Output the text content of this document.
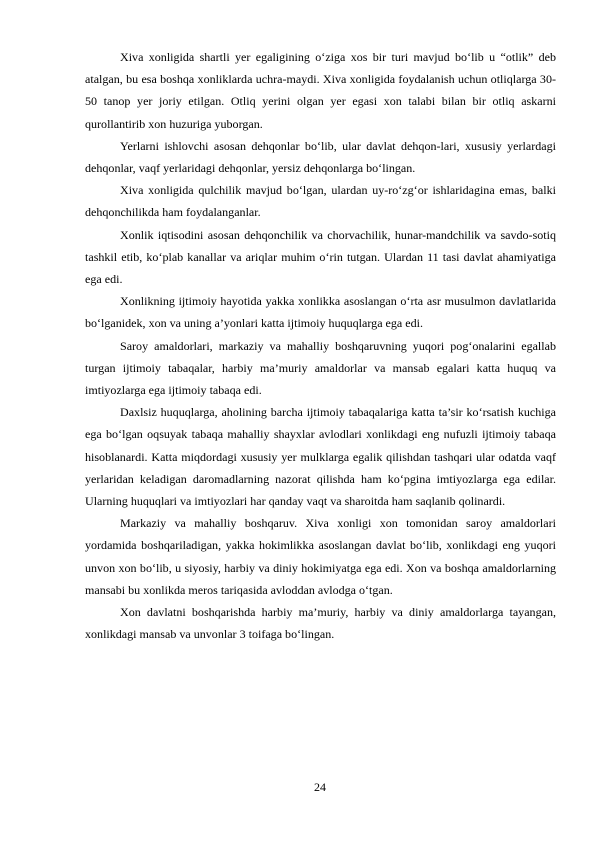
Xiva xonligida shartli yer egaligining o‘ziga xos bir turi mavjud bo‘lib u “otlik” deb atalgan, bu esa boshqa xonliklarda uchra-maydi. Xiva xonligida foydalanish uchun otliqlarga 30-50 tanop yer joriy etilgan. Otliq yerini olgan yer egasi xon talabi bilan bir otliq askarni qurollantirib xon huzuriga yuborgan.

Yerlarni ishlovchi asosan dehqonlar bo‘lib, ular davlat dehqon-lari, xususiy yerlardagi dehqonlar, vaqf yerlaridagi dehqonlar, yersiz dehqonlarga bo‘lingan.

Xiva xonligida qulchilik mavjud bo‘lgan, ulardan uy-ro‘zg‘or ishlaridagina emas, balki dehqonchilikda ham foydalanganlar.

Xonlik iqtisodini asosan dehqonchilik va chorvachilik, hunar-mandchilik va savdo-sotiq tashkil etib, ko‘plab kanallar va ariqlar muhim o‘rin tutgan. Ulardan 11 tasi davlat ahamiyatiga ega edi.

Xonlikning ijtimoiy hayotida yakka xonlikka asoslangan o‘rta asr musulmon davlatlarida bo‘lganidek, xon va uning a’yonlari katta ijtimoiy huquqlarga ega edi.

Saroy amaldorlari, markaziy va mahalliy boshqaruvning yuqori pog‘onalarini egallab turgan ijtimoiy tabaqalar, harbiy ma’muriy amaldorlar va mansab egalari katta huquq va imtiyozlarga ega ijtimoiy tabaqa edi.

Daxlsiz huquqlarga, aholining barcha ijtimoiy tabaqalariga katta ta’sir ko‘rsatish kuchiga ega bo‘lgan oqsuyak tabaqa mahalliy shayxlar avlodlari xonlikdagi eng nufuzli ijtimoiy tabaqa hisoblanardi. Katta miqdordagi xususiy yer mulklarga egalik qilishdan tashqari ular odatda vaqf yerlaridan keladigan daromadlarning nazorat qilishda ham ko‘pgina imtiyozlarga ega edilar. Ularning huquqlari va imtiyozlari har qanday vaqt va sharoitda ham saqlanib qolinardi.

Markaziy va mahalliy boshqaruv. Xiva xonligi xon tomonidan saroy amaldorlari yordamida boshqariladigan, yakka hokimlikka asoslangan davlat bo‘lib, xonlikdagi eng yuqori unvon xon bo‘lib, u siyosiy, harbiy va diniy hokimiyatga ega edi. Xon va boshqa amaldorlarning mansabi bu xonlikda meros tariqasida avloddan avlodga o‘tgan.

Xon davlatni boshqarishda harbiy ma’muriy, harbiy va diniy amaldorlarga tayangan, xonlikdagi mansab va unvonlar 3 toifaga bo‘lingan.

24
